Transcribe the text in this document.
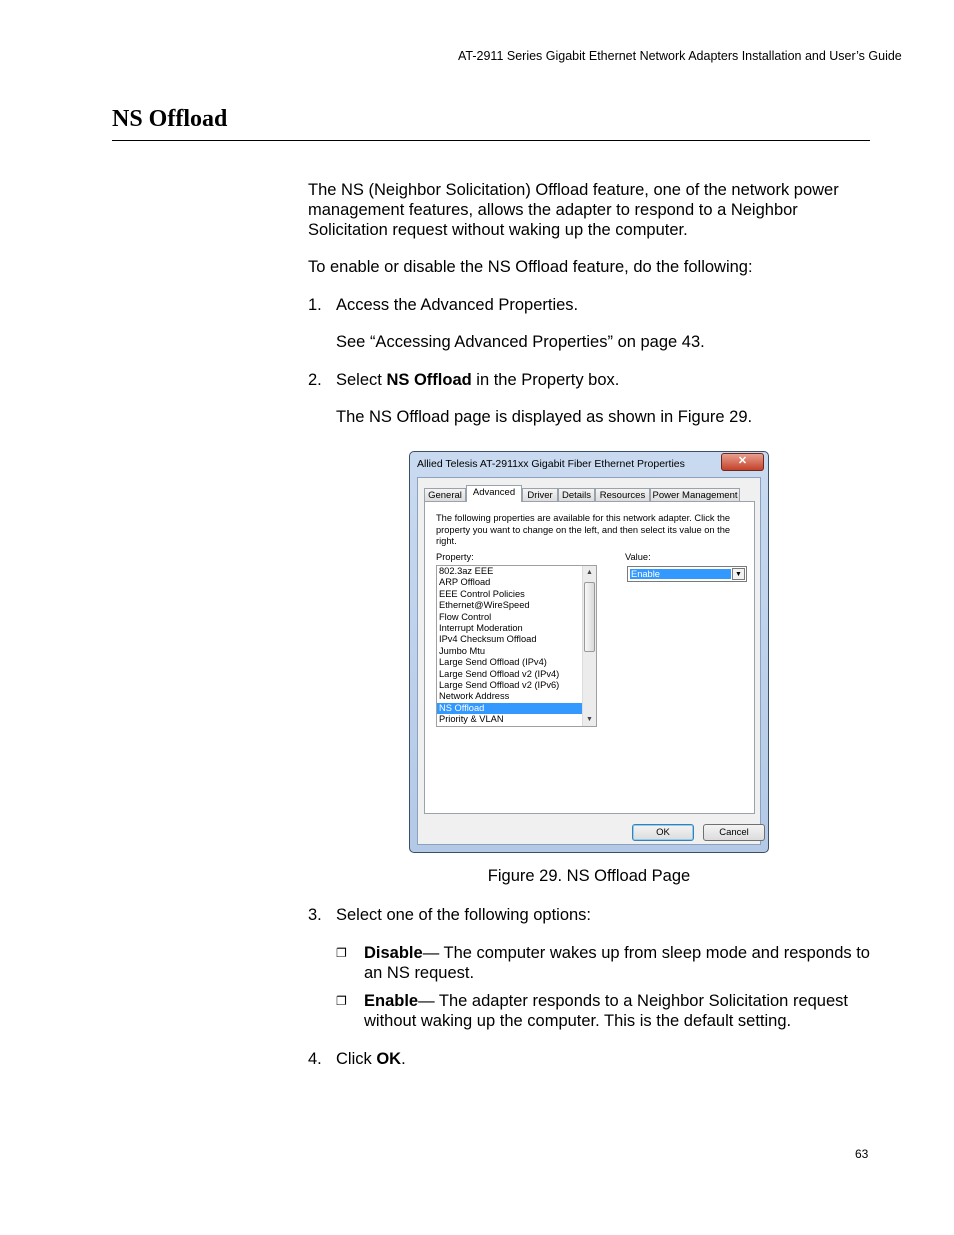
AT-2911 Series Gigabit Ethernet Network Adapters Installation and User’s Guide
NS Offload
The NS (Neighbor Solicitation) Offload feature, one of the network power management features, allows the adapter to respond to a Neighbor Solicitation request without waking up the computer.
To enable or disable the NS Offload feature, do the following:
1. Access the Advanced Properties.
See “Accessing Advanced Properties” on page 43.
2. Select NS Offload in the Property box.
The NS Offload page is displayed as shown in Figure 29.
Allied Telesis AT-2911xx Gigabit Fiber Ethernet Properties	✕
General	Advanced	Driver Details Resources Power Management
The following properties are available for this network adapter. Click the property you want to change on the left, and then select its value on the right.
Property:	Value:
802.3az EEE
ARP Offload
EEE Control Policies
Ethernet@WireSpeed
Flow Control
Interrupt Moderation
IPv4 Checksum Offload
Jumbo Mtu
Large Send Offload (IPv4)
Large Send Offload v2 (IPv4)
Large Send Offload v2 (IPv6)
Network Address
NS Offload
Priority & VLAN
▲
▼
Enable	▼
OK	Cancel
Figure 29. NS Offload Page
3. Select one of the following options:
❐ Disable— The computer wakes up from sleep mode and responds to an NS request.
❐ Enable— The adapter responds to a Neighbor Solicitation request without waking up the computer. This is the default setting.
4. Click OK.
63
